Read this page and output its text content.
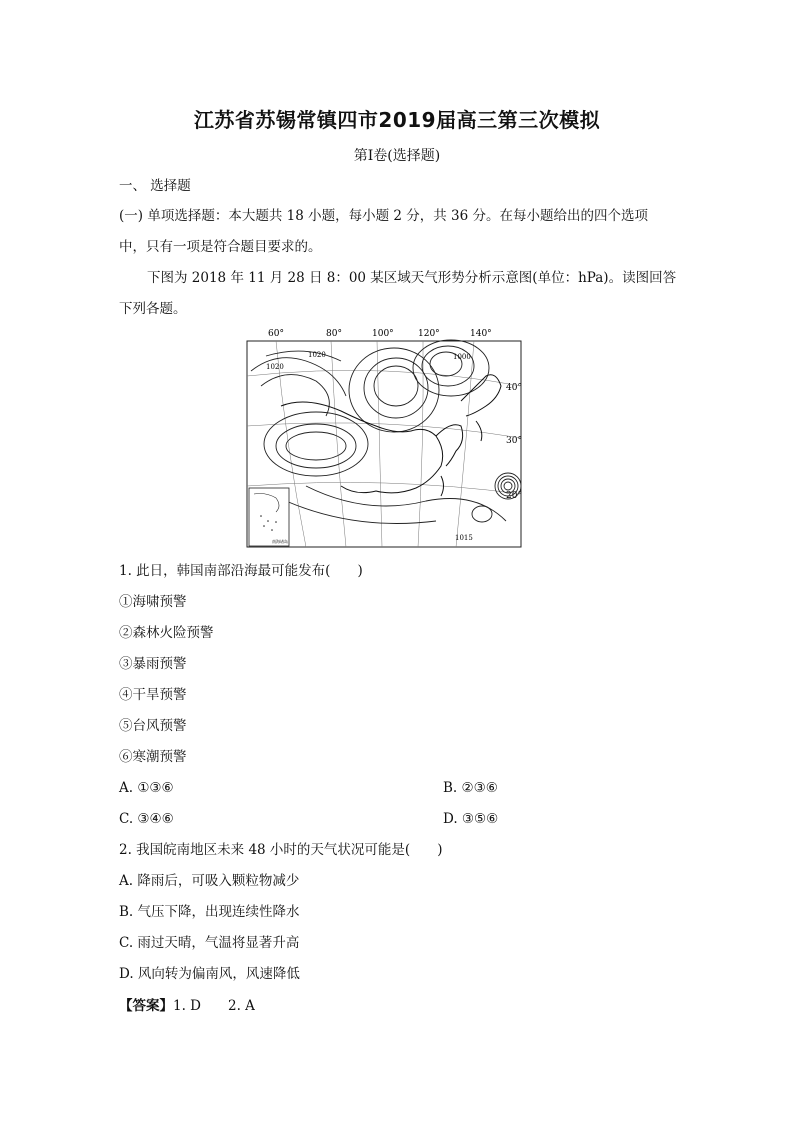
江苏省苏锡常镇四市2019届高三第三次模拟
第Ⅰ卷(选择题)
一、 选择题
(一) 单项选择题：本大题共 18 小题，每小题 2 分，共 36 分。在每小题给出的四个选项
中，只有一项是符合题目要求的。
下图为 2018 年 11 月 28 日 8：00 某区域天气形势分析示意图(单位：hPa)。读图回答
下列各题。
60°	80°	100°	120°	140°
40°
30°
20°
1020
1020
1000
1015
南海诸岛
1. 此日，韩国南部沿海最可能发布(　　)
①海啸预警
②森林火险预警
③暴雨预警
④干旱预警
⑤台风预警
⑥寒潮预警
A. ①③⑥	B. ②③⑥
C. ③④⑥	D. ③⑤⑥
2. 我国皖南地区未来 48 小时的天气状况可能是(　　)
A. 降雨后，可吸入颗粒物减少
B. 气压下降，出现连续性降水
C. 雨过天晴，气温将显著升高
D. 风向转为偏南风，风速降低
【答案】1. D　　2. A
